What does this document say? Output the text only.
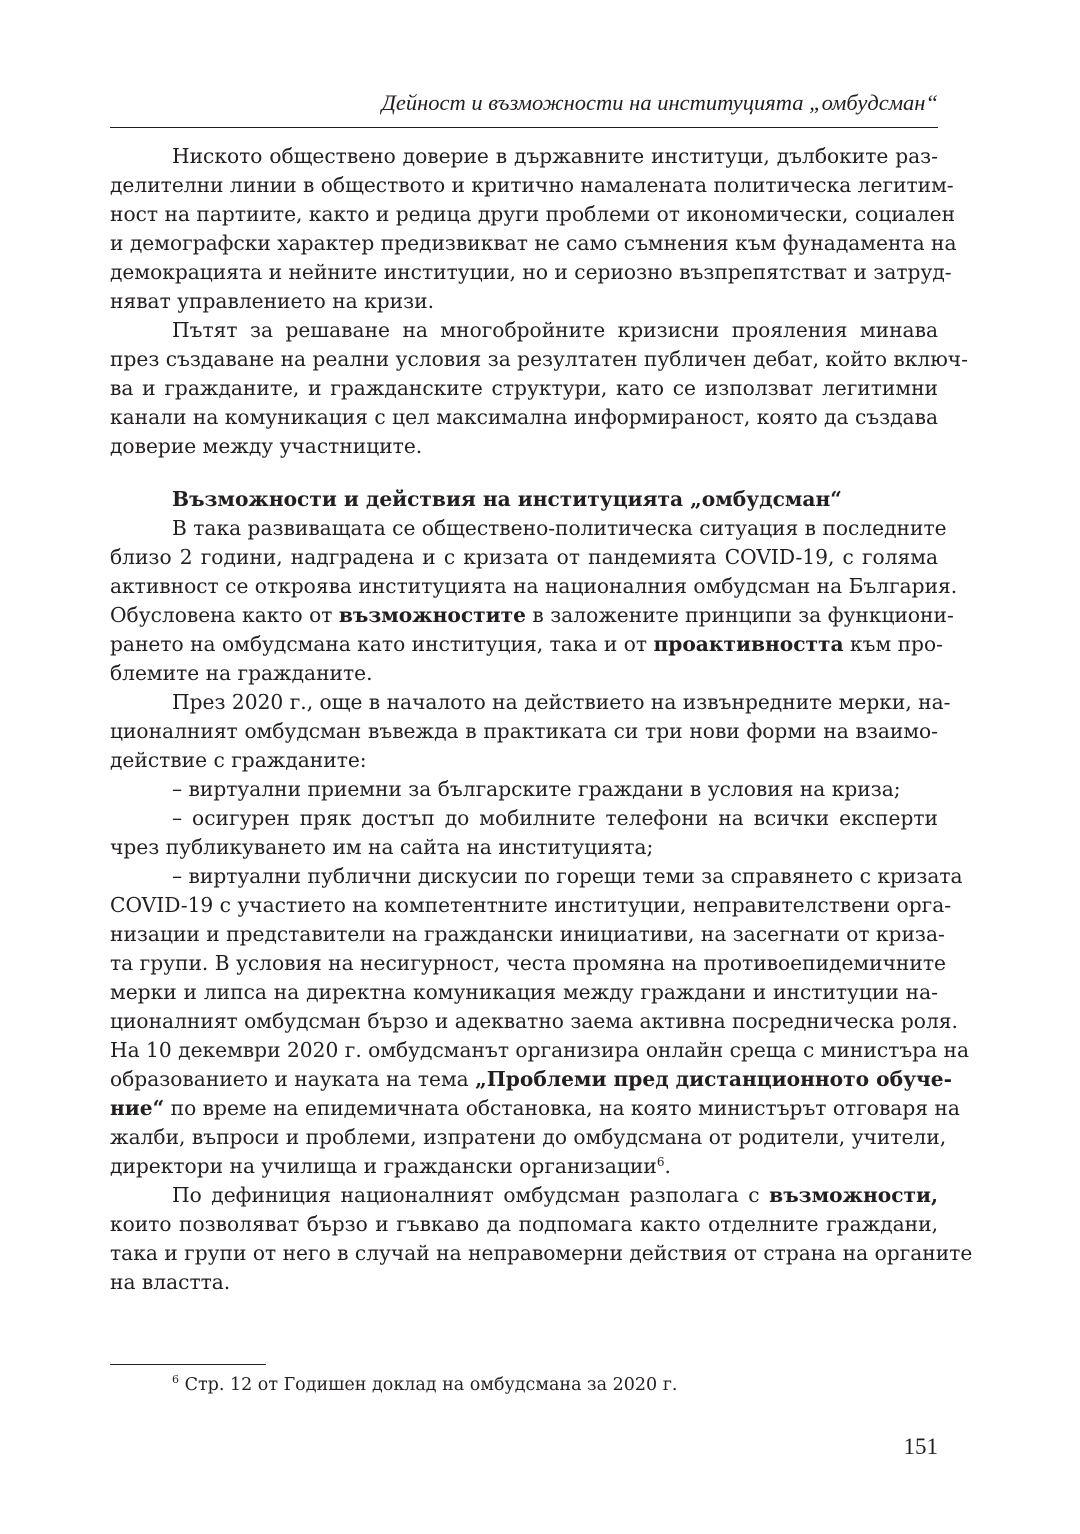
Дейност и възможности на институцията „омбудсман“
Ниското обществено доверие в държавните институци, дълбоките раз-
делителни линии в обществото и критично намалената политическа легитим-
ност на партиите, както и редица други проблеми от икономически, социален
и демографски характер предизвикват не само съмнения към фунадамента на
демокрацията и нейните институции, но и сериозно възпрепятстват и затруд-
няват управлението на кризи.
Пътят за решаване на многобройните кризисни прояления минава
през създаване на реални условия за резултатен публичен дебат, който включ-
ва и гражданите, и гражданските структури, като се използват легитимни
канали на комуникация с цел максимална информираност, която да създава
доверие между участниците.
Възможности и действия на институцията „омбудсман“
В така развиващата се обществено-политическа ситуация в последните
близо 2 години, надградена и с кризата от пандемията COVID-19, с голяма
активност се откроява институцията на националния омбудсман на България.
Обусловена както от възможностите в заложените принципи за функциони-
рането на омбудсмана като институция, така и от проактивността към про-
блемите на гражданите.
През 2020 г., още в началото на действието на извънредните мерки, на-
ционалният омбудсман въвежда в практиката си три нови форми на взаимо-
действие с гражданите:
– виртуални приемни за българските граждани в условия на криза;
– осигурен пряк достъп до мобилните телефони на всички експерти
чрез публикуването им на сайта на институцията;
– виртуални публични дискусии по горещи теми за справянето с кризата
COVID-19 с участието на компетентните институции, неправителствени орга-
низации и представители на граждански инициативи, на засегнати от криза-
та групи. В условия на несигурност, честа промяна на противоепидемичните
мерки и липса на директна комуникация между граждани и институции на-
ционалният омбудсман бързо и адекватно заема активна посредническа роля.
На 10 декември 2020 г. омбудсманът организира онлайн среща с министъра на
образованието и науката на тема „Проблеми пред дистанционното обуче-
ние“ по време на епидемичната обстановка, на която министърът отговаря на
жалби, въпроси и проблеми, изпратени до омбудсмана от родители, учители,
директори на училища и граждански организации$^6$.
По дефиниция националният омбудсман разполага с възможности,
които позволяват бързо и гъвкаво да подпомага както отделните граждани,
така и групи от него в случай на неправомерни действия от страна на органите
на властта.
$^6$ Стр. 12 от Годишен доклад на омбудсмана за 2020 г.
151
